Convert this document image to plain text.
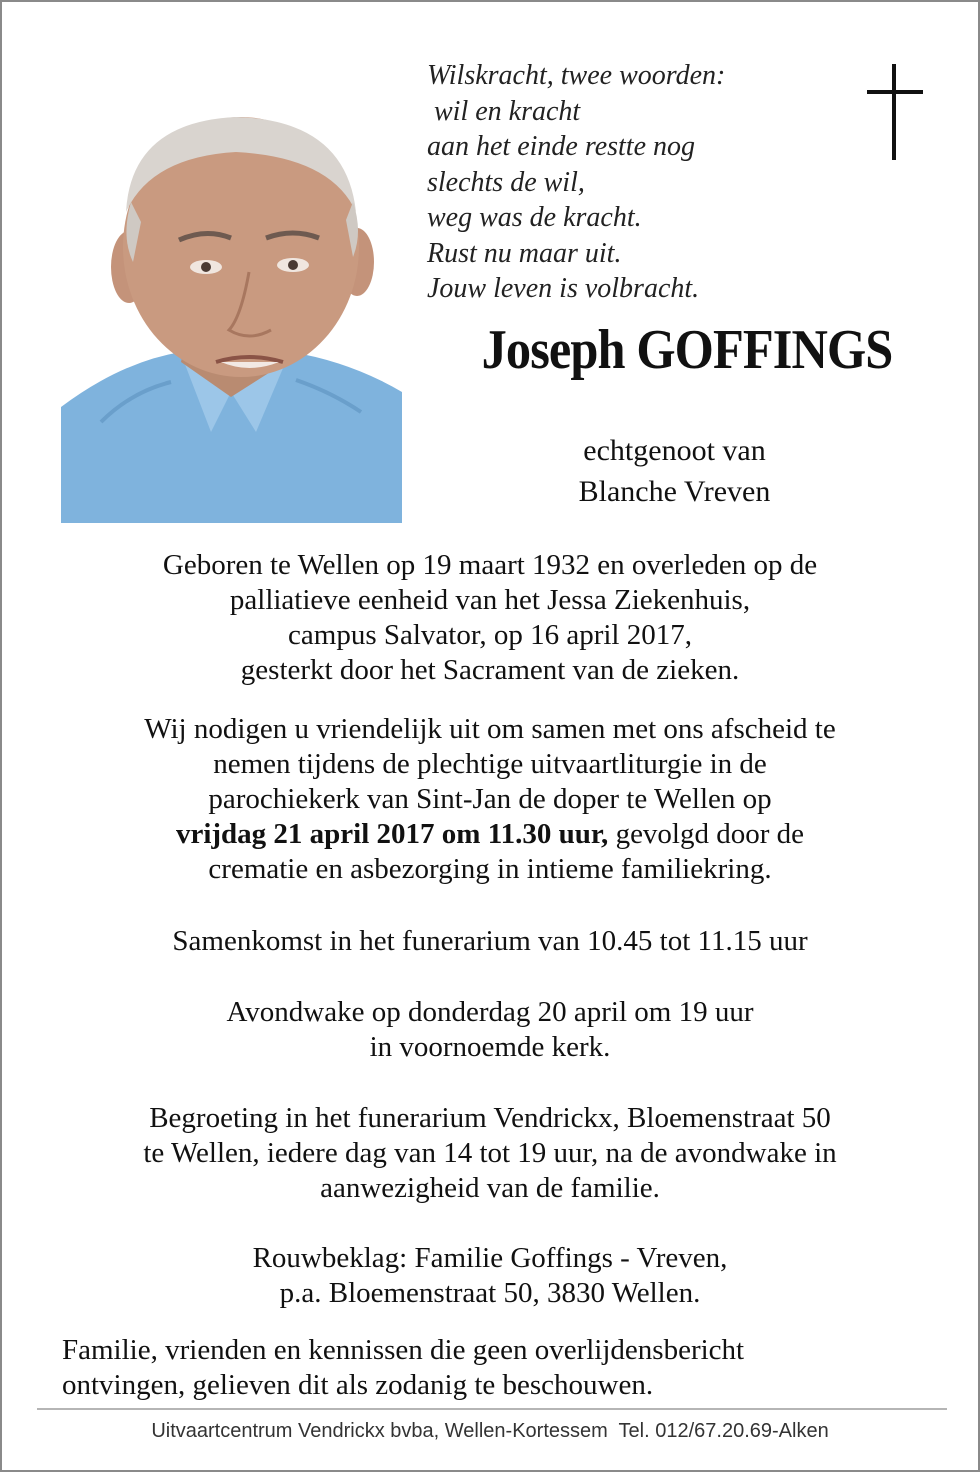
Wilskracht, twee woorden:
wil en kracht
aan het einde restte nog
slechts de wil,
weg was de kracht.
Rust nu maar uit.
Jouw leven is volbracht.
Joseph GOFFINGS
echtgenoot van
Blanche Vreven
Geboren te Wellen op 19 maart 1932 en overleden op de
palliatieve eenheid van het Jessa Ziekenhuis,
campus Salvator, op 16 april 2017,
gesterkt door het Sacrament van de zieken.
Wij nodigen u vriendelijk uit om samen met ons afscheid te
nemen tijdens de plechtige uitvaartliturgie in de
parochiekerk van Sint-Jan de doper te Wellen op
vrijdag 21 april 2017 om 11.30 uur, gevolgd door de
crematie en asbezorging in intieme familiekring.
Samenkomst in het funerarium van 10.45 tot 11.15 uur
Avondwake op donderdag 20 april om 19 uur
in voornoemde kerk.
Begroeting in het funerarium Vendrickx, Bloemenstraat 50
te Wellen, iedere dag van 14 tot 19 uur, na de avondwake in
aanwezigheid van de familie.
Rouwbeklag: Familie Goffings - Vreven,
p.a. Bloemenstraat 50, 3830 Wellen.
Familie, vrienden en kennissen die geen overlijdensbericht
ontvingen, gelieven dit als zodanig te beschouwen.
Uitvaartcentrum Vendrickx bvba, Wellen-Kortessem  Tel. 012/67.20.69-Alken
